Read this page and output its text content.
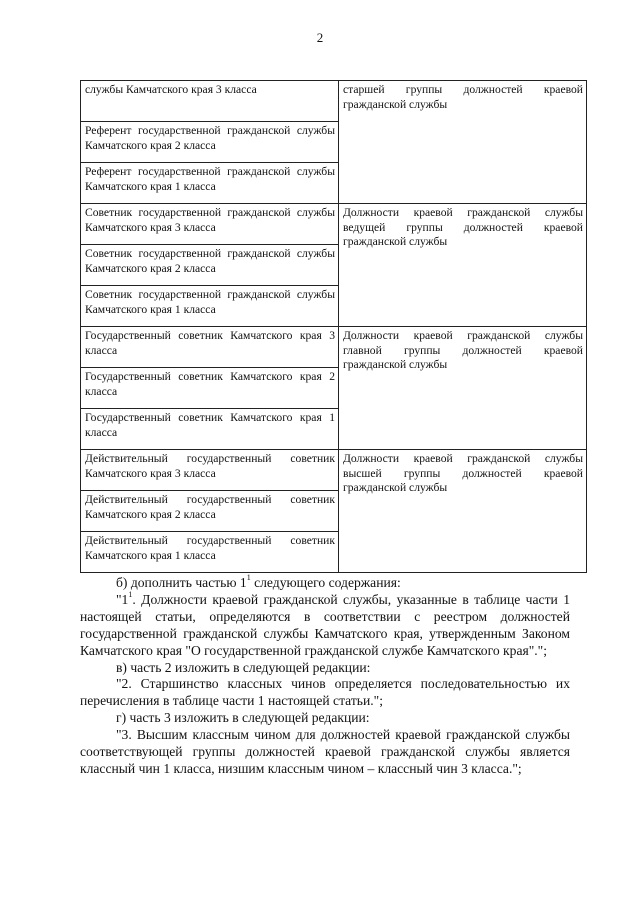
2
службы Камчатского края 3 класса	старшей группы должностей краевой гражданской службы
Референт государственной гражданской службы Камчатского края 2 класса	
Референт государственной гражданской службы Камчатского края 1 класса	
Советник государственной гражданской службы Камчатского края 3 класса	Должности краевой гражданской службы ведущей группы должностей краевой гражданской службы
Советник государственной гражданской службы Камчатского края 2 класса	
Советник государственной гражданской службы Камчатского края 1 класса	
Государственный советник Камчатского края 3 класса	Должности краевой гражданской службы главной группы должностей краевой гражданской службы
Государственный советник Камчатского края 2 класса	
Государственный советник Камчатского края 1 класса	
Действительный государственный советник Камчатского края 3 класса	Должности краевой гражданской службы высшей группы должностей краевой гражданской службы
Действительный государственный советник Камчатского края 2 класса	
Действительный государственный советник Камчатского края 1 класса	

б) дополнить частью $1^1$ следующего содержания:

"$1^1$. Должности краевой гражданской службы, указанные в таблице части 1 настоящей статьи, определяются в соответствии с реестром должностей государственной гражданской службы Камчатского края, утвержденным Законом Камчатского края "О государственной гражданской службе Камчатского края".";

в) часть 2 изложить в следующей редакции:

"2. Старшинство классных чинов определяется последовательностью их перечисления в таблице части 1 настоящей статьи.";

г) часть 3 изложить в следующей редакции:

"3. Высшим классным чином для должностей краевой гражданской службы соответствующей группы должностей краевой гражданской службы является классный чин 1 класса, низшим классным чином – классный чин 3 класса.";
